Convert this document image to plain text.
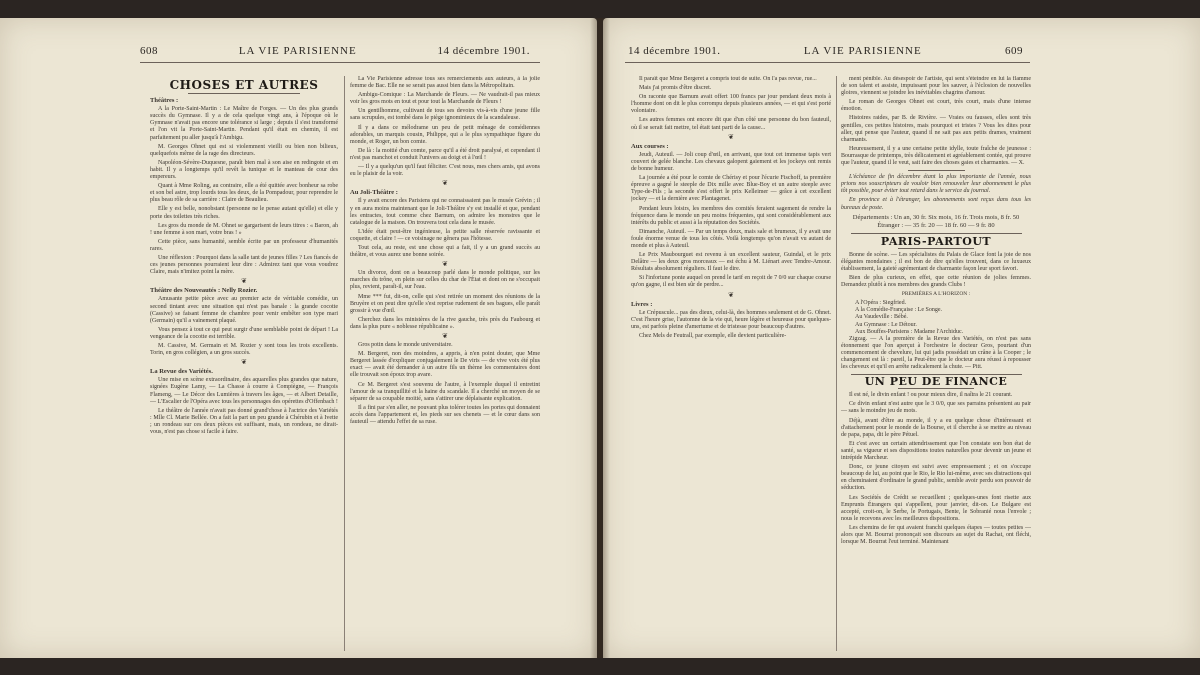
608	LA VIE PARISIENNE	14 décembre 1901.
CHOSES ET AUTRES
Théâtres :

A la Porte-Saint-Martin : Le Maître de Forges. — Un des plus grands succès du Gymnase. Il y a de cela quelque vingt ans, à l'époque où le Gymnase n'avait pas encore une tolérance si large ; depuis il s'est transformé et l'on vit la Porte-Saint-Martin. Pendant qu'il était en chemin, il est parfaitement pu aller jusqu'à l'Ambigu.

M. Georges Ohnet qui est si violemment vieilli ou bien non bilieux, quelquefois même de la rage des directeurs.

Napoléon-Sévère-Duquesne, paraît bien mal à son aise en redingote et en habit. Il y a longtemps qu'il revêt la tunique et le manteau de cour des empereurs.

Quant à Mme Roling, au contraire, elle a été quittée avec bonheur sa robe et son bel astre, trop lourds tous les deux, de la Pompadour, pour reprendre le plus beau rôle de sa carrière : Claire de Beaulieu.

Elle y est belle, nonobstant (personne ne le pense autant qu'elle) et elle y porte des toilettes très riches.

Les gros du monde de M. Ohnet se gargarisent de leurs titres : « Baron, ah ! une femme à son mari, votre bras ! »

Cette pièce, sans humanité, semble écrite par un professeur d'humanités rares.

Une réflexion : Pourquoi dans la salle tant de jeunes filles ? Les fiancés de ces jeunes personnes pourraient leur dire : Admirez tant que vous voudrez Claire, mais n'imitez point la mère.

❦
Théâtre des Nouveautés : Nelly Rozier.

Amusante petite pièce avec au premier acte de véritable comédie, un second tintant avec une situation qui n'est pas banale : la grande cocotte (Cassive) se faisant femme de chambre pour venir embêter son type mari (Germain) qu'il a vainement plaqué.

Vous pensez à tout ce qui peut surgir d'une semblable point de départ ! La vengeance de la cocotte est terrible.

M. Cassive, M. Germain et M. Rozier y sont tous les trois excellents. Torin, en gros collégien, a un gros succès.

❦
La Revue des Variétés.

Une mise en scène extraordinaire, des aquarelles plus grandes que nature, signées Eugène Lamy, — La Chasse à courre à Compiègne, — François Flameng, — Le Décor des Lumières à travers les âges, — et Albert Detaille, — L'Escalier de l'Opéra avec tous les personnages des opérettes d'Offenbach !

Le théâtre de l'année n'avait pas donné grand'chose à l'actrice des Variétés : Mlle Cl. Marie Bellée. On a fait la part un peu grande à Chérubin et à Ivette ; un rondeau sur ces deux pièces est suffisant, mais, un rondeau, ne dirait-vous, n'est pas chose si facile à faire.

La Vie Parisienne adresse tous ses remerciements aux auteurs, à la jolie femme de Bac. Elle ne se serait pas aussi bien dans la Métropolitain.

Ambigu-Comique : La Marchande de Fleurs. — Ne vaudrait-il pas mieux voir les gros mots en tout et pour tout la Marchande de Fleurs !

Un gentilhomme, cultivant de tous ses devoirs vis-à-vis d'une jeune fille sans scrupules, est tombé dans le piège ignominieux de la scandaleuse.

Il y a dans ce mélodrame un peu de petit ménage de comédiennes adorables, un marquis cousin, Philippe, qui a le plus sympathique figure du monde, et Roger, un bon comte.

De là : la moitié d'un comte, parce qu'il a été droit paralysé, et cependant il n'est pas manchot et conduit l'univers au doigt et à l'œil !

— Il y a quelqu'un qu'il faut féliciter. C'est nous, mes chers amis, qui avons eu le plaisir de la voir.

❦
Au Joli-Théâtre :

Il y avait encore des Parisiens qui ne connaissaient pas le musée Grévin ; il y en aura moins maintenant que le Joli-Théâtre s'y est installé et que, pendant les entractes, tout comme chez Barnum, on admire les monstres que le catalogue de la maison. On trouvera tout cela dans le musée.

L'idée était peut-être ingénieuse, la petite salle réservée ravissante et coquette, et claire ! — ce voisinage ne gênera pas l'hôtesse.

Tout cela, au reste, est une chose qui a fait, il y a un grand succès au théâtre, et vous aurez une bonne soirée.

❦

Un divorce, dont on a beaucoup parlé dans le monde politique, sur les marches du trône, en plein sur celles du char de l'État et dont on ne s'occupait plus, revient, paraît-il, sur l'eau.

Mme *** fut, dit-on, celle qui s'est retirée un moment des réunions de la Bruyère et on peut dire qu'elle s'est reprise rudement de ses bagues, elle paraît grossir à vue d'œil.

Cherchez dans les ministères de la rive gauche, très près du Faubourg et dans la plus pure « noblesse républicaine ».

❦

Gros potin dans le monde universitaire.

M. Bergeret, non des moindres, a appris, à n'en point douter, que Mme Bergeret lassée d'expliquer conjugalement le De viris — de vive voix été plus exact — avait été demander à un autre fils un thème les commentaires dont elle trouvait son époux trop avare.

Ce M. Bergeret s'est souvenu de l'autre, à l'exemple duquel il entretint l'amour de sa tranquillité et la haine du scandale. Il a cherché un moyen de se séparer de sa coupable moitié, sans s'attirer une déplaisante explication.

Il a fini par s'en aller, ne pouvant plus tolérer toutes les portes qui donnaient accès dans l'appartement et, les pieds sur ses chenets — et le cœur dans son fauteuil — attendu l'effet de sa ruse.

14 décembre 1901.	LA VIE PARISIENNE	609

Il paraît que Mme Bergeret a compris tout de suite. On l'a pas revue, rue...

Mais j'ai promis d'être discret.

On raconte que Barnum avait offert 100 francs par jour pendant deux mois à l'homme dont on dit le plus corrompu depuis plusieurs années, — et qui s'est porté volontaire.

Les autres femmes ont encore dit que d'un côté une personne du bon fauteuil, où il se serait fait mettre, tel était tant parti de la cause...

❦
Aux courses :

Jeudi, Auteuil. — Joli coup d'œil, en arrivant, que tout cet immense tapis vert couvert de gelée blanche. Les chevaux galopent gaiement et les jockeys ont remis de bonne humeur.

La journée a été pour le comte de Chérisy et pour l'écurie Fischoff, ta première épreuve a gagné le steeple de Dix mille avec Blue-Boy et un autre steeple avec Type-de-Fils ; la seconde s'est offert le prix Kelleimer — grâce à cet excellent jockey — et la dernière avec Plantagenet.

Pendant leurs loisirs, les membres des comités feraient sagement de rendre la fréquence dans le monde un peu moins fréquentes, qui sont considérablement aux intérêts du public et aussi à la réputation des Sociétés.

Dimanche, Auteuil. — Par un temps doux, mais sale et brumeux, il y avait une foule énorme venue de tous les côtés. Voilà longtemps qu'on n'avait vu autant de monde et plus à Auteuil.

Le Prix Maubourguet est revenu à un excellent sauteur, Guindal, et le prix Delâtre — les deux gros morceaux — est échu à M. Liénart avec Tendre-Amour. Résultats absolument réguliers. Il faut le dire.

Si l'infortune ponte auquel on prend le tarif en reçoit de 7 0/0 sur chaque course qu'on gagne, il est bien sûr de perdre...

❦
Livres :

Le Crépuscule... pas des dieux, celui-là, des hommes seulement et de G. Ohnet. C'est l'heure grise, l'automne de la vie qui, heure légère et heureuse pour quelques-uns, est parfois pleine d'amertume et de tristesse pour beaucoup d'autres.

Chez Mels de Feutrall, par exemple, elle devient particulière-

ment pénible. Au désespoir de l'artiste, qui sent s'éteindre en lui la flamme de son talent et assiste, impuissant pour les sauver, à l'éclosion de nouvelles gloires, viennent se joindre les inévitables chagrins d'amour.

Le roman de Georges Ohnet est court, très court, mais d'une intense émotion.

Histoires raides, par B. de Rivière. — Vraies ou fausses, elles sont très gentilles, ces petites histoires, mais pourquoi et tristes ? Vous les dites pour aller, qui pense que l'auteur, quand il ne sait pas aux petits drames, vraiment charmants.

Heureusement, il y a une certaine petite idylle, toute fraîche de jeunesse : Bourrasque de printemps, très délicatement et agréablement contée, qui prouve que l'auteur, quand il le veut, sait faire des choses gaies et charmantes. — X.

L'échéance de fin décembre étant la plus importante de l'année, nous prions nos souscripteurs de vouloir bien renouveler leur abonnement le plus tôt possible, pour éviter tout retard dans le service du journal.

En province et à l'étranger, les abonnements sont reçus dans tous les bureaux de poste.

Départements : Un an, 30 fr. Six mois, 16 fr. Trois mois, 8 fr. 50
Étranger : — 35 fr. 20 — 18 fr. 60 — 9 fr. 80
PARIS-PARTOUT

Bonne de scène. — Les spécialistes du Palais de Glace font la joie de nos élégantes mondaines ; il est bon de dire qu'elles trouvent, dans ce luxueux établissement, la gaieté agrémentant de charmante façon leur sport favori.

Bien de plus curieux, en effet, que cette réunion de jolies femmes. Demandez plutôt à nos membres des grands Clubs !

PREMIÈRES A L'HORIZON :
A l'Opéra : Siegfried.
A la Comédie-Française : Le Songe.
Au Vaudeville : Bébé.
Au Gymnase : Le Détour.
Aux Bouffes-Parisiens : Madame l'Archiduc.

Zigzag. — A la première de la Revue des Variétés, on n'est pas sans étonnement que l'on aperçut à l'orchestre le docteur Gros, pourtant d'un commencement de chevelure, lui qui jadis possédait un crâne à la Cooper ; le changement est là : pareil, la Peut-être que le docteur aura réussi à repousser les cheveux et qu'il en arrête radicalement la chute. — Pitt.

UN PEU DE FINANCE

Il est né, le divin enfant ! ou pour mieux dire, il naîtra le 21 courant.

Ce divin enfant n'est autre que le 3 0/0, que ses parrains présentent au pair — sans le moindre jeu de mots.

Déjà, avant d'être au monde, il y a eu quelque chose d'intéressant et d'attachement pour le monde de la Bourse, et il cherche à se mettre au niveau de papa, papa, dit le père Pétuel.

Et c'est avec un certain attendrissement que l'on constate son bon état de santé, sa vigueur et ses dispositions toutes naturelles pour devenir un jeune et intrépide Marcheur.

Donc, ce jeune citoyen est suivi avec empressement ; et on s'occupe beaucoup de lui, au point que le Rio, le Rio lui-même, avec ses distractions qui en cheminaient d'ordinaire le grand public, semble avoir perdu son pouvoir de séduction.

Les Sociétés de Crédit se recueillent ; quelques-unes font risette aux Emprunts Étrangers qui s'appellent, pour janvier, dit-on. Le Bulgare est accepté, croit-on, le Serbe, le Portugais, Bente, le Sobranié nous l'envole ; nous le recevons avec les meilleures dispositions.

Les chemins de fer qui avaient franchi quelques étapes — toutes petites — alors que M. Bourrat prononçait son discours au sujet du Rachat, ont fléchi, lorsque M. Bourrat l'eut terminé. Maintenant
